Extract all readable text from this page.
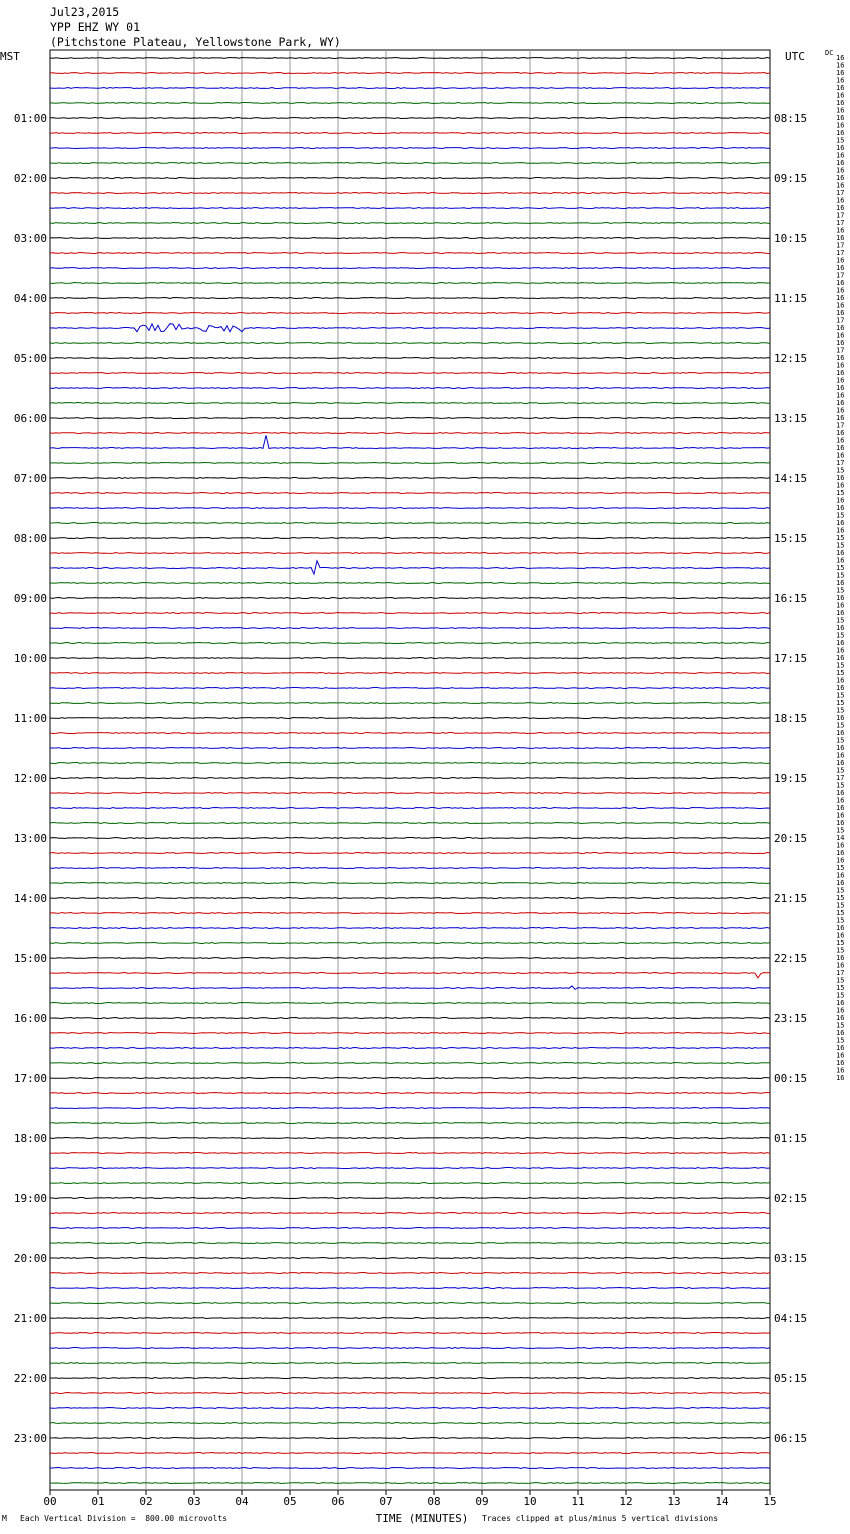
Jul23,2015
YPP EHZ WY 01
(Pitchstone Plateau, Yellowstone Park, WY)
MST
01:00
02:00
03:00
04:00
05:00
06:00
07:00
08:00
09:00
10:00
11:00
12:00
13:00
14:00
15:00
16:00
17:00
18:00
19:00
20:00
21:00
22:00
23:00
UTC
08:15
09:15
10:15
11:15
12:15
13:15
14:15
15:15
16:15
17:15
18:15
19:15
20:15
21:15
22:15
23:15
00:15
01:15
02:15
03:15
04:15
05:15
06:15
DC
16
16
16
16
16
16
16
16
16
16
16
15
16
16
16
16
16
16
17
16
16
17
17
16
16
17
17
16
16
17
16
16
16
16
16
17
16
16
16
17
16
16
16
16
16
16
16
16
16
17
16
16
16
16
17
15
16
16
15
16
16
15
16
16
15
15
16
16
15
15
16
15
16
16
16
15
16
15
16
16
16
15
15
16
16
15
15
15
16
15
16
15
16
16
16
15
17
15
16
16
16
16
16
15
14
16
16
16
15
16
16
15
15
15
15
15
16
16
15
15
16
16
17
15
15
15
16
16
16
15
16
15
16
16
16
16
16
00	01	02	03	04	05	06	07	08	09	10	11	12	13	14	15
TIME (MINUTES)
M Each Vertical Division =  800.00 microvolts	Traces clipped at plus/minus 5 vertical divisions
